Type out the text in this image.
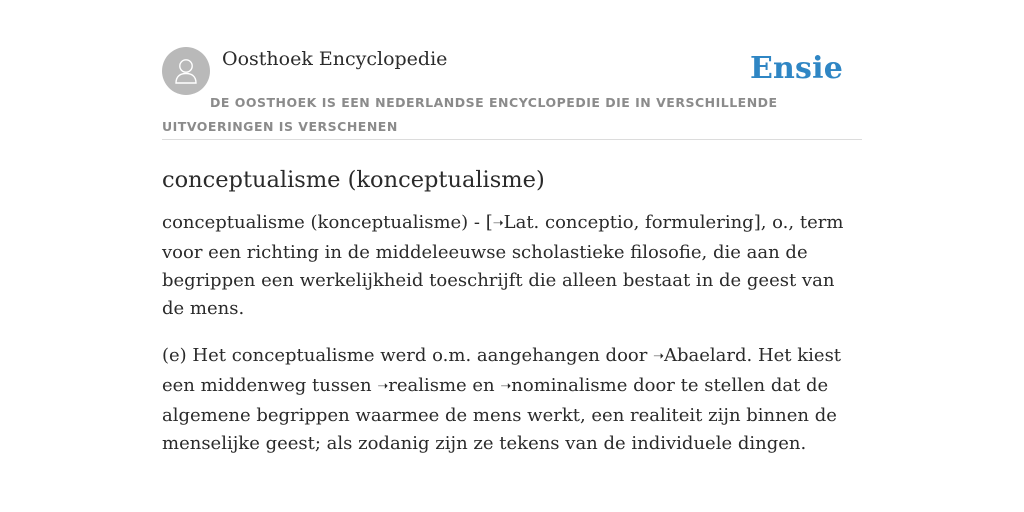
Oosthoek Encyclopedie	Ensie
DE OOSTHOEK IS EEN NEDERLANDSE ENCYCLOPEDIE DIE IN VERSCHILLENDE UITVOERINGEN IS VERSCHENEN
conceptualisme (konceptualisme)

conceptualisme (konceptualisme) - [➝Lat. conceptio, formulering], o., term voor een richting in de middeleeuwse scholastieke filosofie, die aan de begrippen een werkelijkheid toeschrijft die alleen bestaat in de geest van de mens.

(e) Het conceptualisme werd o.m. aangehangen door ➝Abaelard. Het kiest een middenweg tussen ➝realisme en ➝nominalisme door te stellen dat de algemene begrippen waarmee de mens werkt, een realiteit zijn binnen de menselijke geest; als zodanig zijn ze tekens van de individuele dingen.
